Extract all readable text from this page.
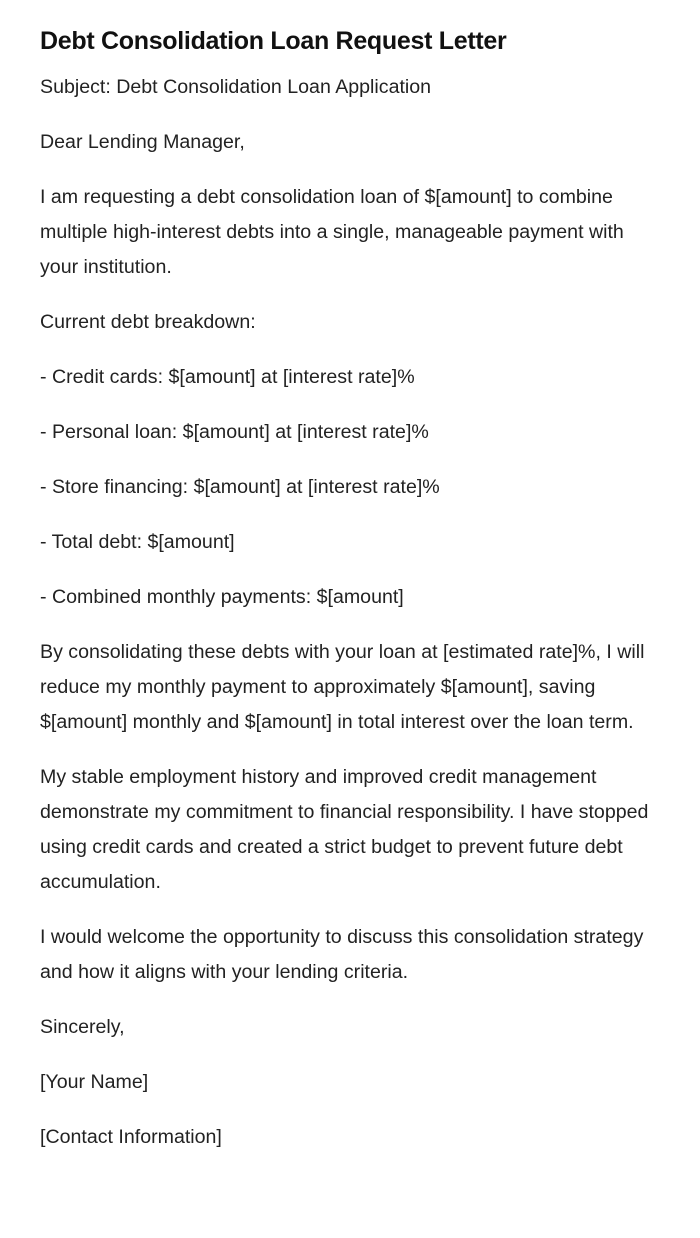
Debt Consolidation Loan Request Letter

Subject: Debt Consolidation Loan Application

Dear Lending Manager,

I am requesting a debt consolidation loan of $[amount] to combine multiple high-interest debts into a single, manageable payment with your institution.

Current debt breakdown:

- Credit cards: $[amount] at [interest rate]%

- Personal loan: $[amount] at [interest rate]%

- Store financing: $[amount] at [interest rate]%

- Total debt: $[amount]

- Combined monthly payments: $[amount]

By consolidating these debts with your loan at [estimated rate]%, I will reduce my monthly payment to approximately $[amount], saving $[amount] monthly and $[amount] in total interest over the loan term.

My stable employment history and improved credit management demonstrate my commitment to financial responsibility. I have stopped using credit cards and created a strict budget to prevent future debt accumulation.

I would welcome the opportunity to discuss this consolidation strategy and how it aligns with your lending criteria.

Sincerely,

[Your Name]

[Contact Information]
